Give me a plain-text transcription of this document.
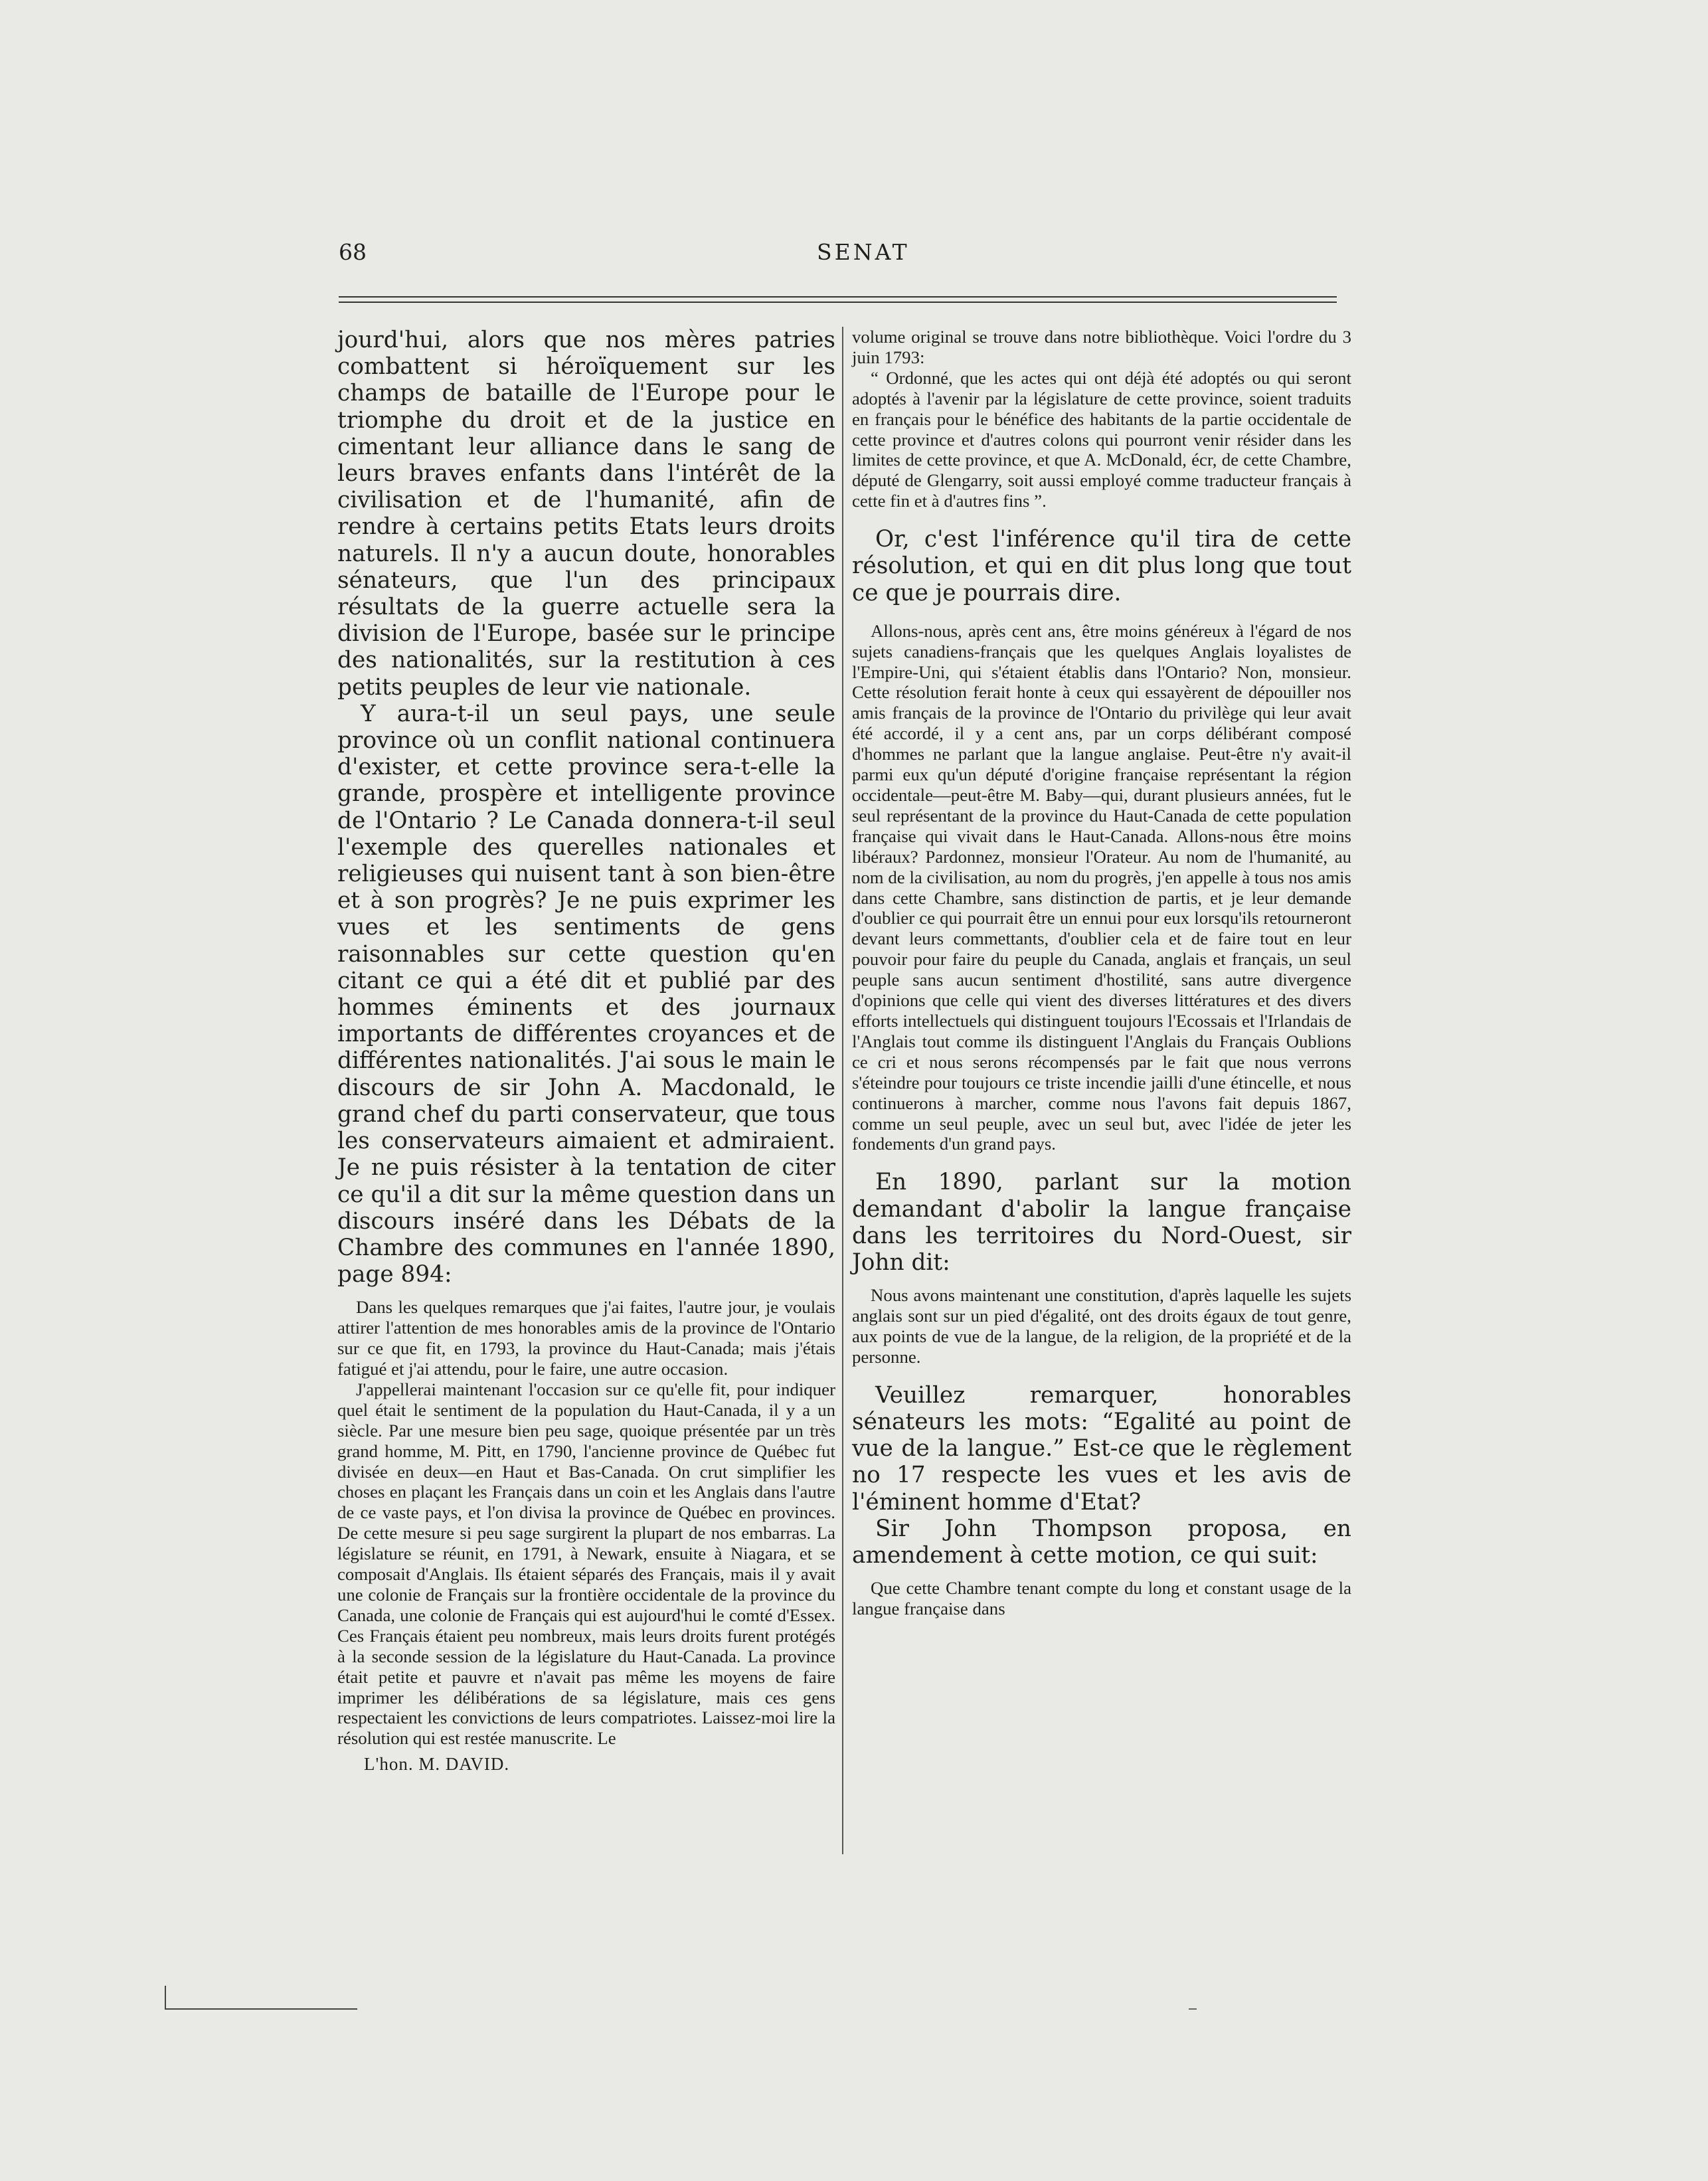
68	SENAT

jourd'hui, alors que nos mères patries combattent si héroïquement sur les champs de bataille de l'Europe pour le triomphe du droit et de la justice en cimentant leur alliance dans le sang de leurs braves enfants dans l'intérêt de la civilisation et de l'humanité, afin de rendre à certains petits Etats leurs droits naturels. Il n'y a aucun doute, honorables sénateurs, que l'un des principaux résultats de la guerre actuelle sera la division de l'Europe, basée sur le principe des nationalités, sur la restitution à ces petits peuples de leur vie nationale.

Y aura-t-il un seul pays, une seule province où un conflit national continuera d'exister, et cette province sera-t-elle la grande, prospère et intelligente province de l'Ontario ? Le Canada donnera-t-il seul l'exemple des querelles nationales et religieuses qui nuisent tant à son bien-être et à son progrès? Je ne puis exprimer les vues et les sentiments de gens raisonnables sur cette question qu'en citant ce qui a été dit et publié par des hommes éminents et des journaux importants de différentes croyances et de différentes nationalités. J'ai sous le main le discours de sir John A. Macdonald, le grand chef du parti conservateur, que tous les conservateurs aimaient et admiraient. Je ne puis résister à la tentation de citer ce qu'il a dit sur la même question dans un discours inséré dans les Débats de la Chambre des communes en l'année 1890, page 894:

Dans les quelques remarques que j'ai faites, l'autre jour, je voulais attirer l'attention de mes honorables amis de la province de l'Ontario sur ce que fit, en 1793, la province du Haut-Canada; mais j'étais fatigué et j'ai attendu, pour le faire, une autre occasion.

J'appellerai maintenant l'occasion sur ce qu'elle fit, pour indiquer quel était le sentiment de la population du Haut-Canada, il y a un siècle. Par une mesure bien peu sage, quoique présentée par un très grand homme, M. Pitt, en 1790, l'ancienne province de Québec fut divisée en deux—en Haut et Bas-Canada. On crut simplifier les choses en plaçant les Français dans un coin et les Anglais dans l'autre de ce vaste pays, et l'on divisa la province de Québec en provinces. De cette mesure si peu sage surgirent la plupart de nos embarras. La législature se réunit, en 1791, à Newark, ensuite à Niagara, et se composait d'Anglais. Ils étaient séparés des Français, mais il y avait une colonie de Français sur la frontière occidentale de la province du Canada, une colonie de Français qui est aujourd'hui le comté d'Essex. Ces Français étaient peu nombreux, mais leurs droits furent protégés à la seconde session de la législature du Haut-Canada. La province était petite et pauvre et n'avait pas même les moyens de faire imprimer les délibérations de sa législature, mais ces gens respectaient les convictions de leurs compatriotes. Laissez-moi lire la résolution qui est restée manuscrite. Le

L'hon. M. DAVID.

volume original se trouve dans notre bibliothèque. Voici l'ordre du 3 juin 1793:

“ Ordonné, que les actes qui ont déjà été adoptés ou qui seront adoptés à l'avenir par la législature de cette province, soient traduits en français pour le bénéfice des habitants de la partie occidentale de cette province et d'autres colons qui pourront venir résider dans les limites de cette province, et que A. McDonald, écr, de cette Chambre, député de Glengarry, soit aussi employé comme traducteur français à cette fin et à d'autres fins ”.

Or, c'est l'inférence qu'il tira de cette résolution, et qui en dit plus long que tout ce que je pourrais dire.

Allons-nous, après cent ans, être moins généreux à l'égard de nos sujets canadiens-français que les quelques Anglais loyalistes de l'Empire-Uni, qui s'étaient établis dans l'Ontario? Non, monsieur. Cette résolution ferait honte à ceux qui essayèrent de dépouiller nos amis français de la province de l'Ontario du privilège qui leur avait été accordé, il y a cent ans, par un corps délibérant composé d'hommes ne parlant que la langue anglaise. Peut-être n'y avait-il parmi eux qu'un député d'origine française représentant la région occidentale—peut-être M. Baby—qui, durant plusieurs années, fut le seul représentant de la province du Haut-Canada de cette population française qui vivait dans le Haut-Canada. Allons-nous être moins libéraux? Pardonnez, monsieur l'Orateur. Au nom de l'humanité, au nom de la civilisation, au nom du progrès, j'en appelle à tous nos amis dans cette Chambre, sans distinction de partis, et je leur demande d'oublier ce qui pourrait être un ennui pour eux lorsqu'ils retourneront devant leurs commettants, d'oublier cela et de faire tout en leur pouvoir pour faire du peuple du Canada, anglais et français, un seul peuple sans aucun sentiment d'hostilité, sans autre divergence d'opinions que celle qui vient des diverses littératures et des divers efforts intellectuels qui distinguent toujours l'Ecossais et l'Irlandais de l'Anglais tout comme ils distinguent l'Anglais du Français Oublions ce cri et nous serons récompensés par le fait que nous verrons s'éteindre pour toujours ce triste incendie jailli d'une étincelle, et nous continuerons à marcher, comme nous l'avons fait depuis 1867, comme un seul peuple, avec un seul but, avec l'idée de jeter les fondements d'un grand pays.

En 1890, parlant sur la motion demandant d'abolir la langue française dans les territoires du Nord-Ouest, sir John dit:

Nous avons maintenant une constitution, d'après laquelle les sujets anglais sont sur un pied d'égalité, ont des droits égaux de tout genre, aux points de vue de la langue, de la religion, de la propriété et de la personne.

Veuillez remarquer, honorables sénateurs les mots: “Egalité au point de vue de la langue.” Est-ce que le règlement no 17 respecte les vues et les avis de l'éminent homme d'Etat?

Sir John Thompson proposa, en amendement à cette motion, ce qui suit:

Que cette Chambre tenant compte du long et constant usage de la langue française dans
